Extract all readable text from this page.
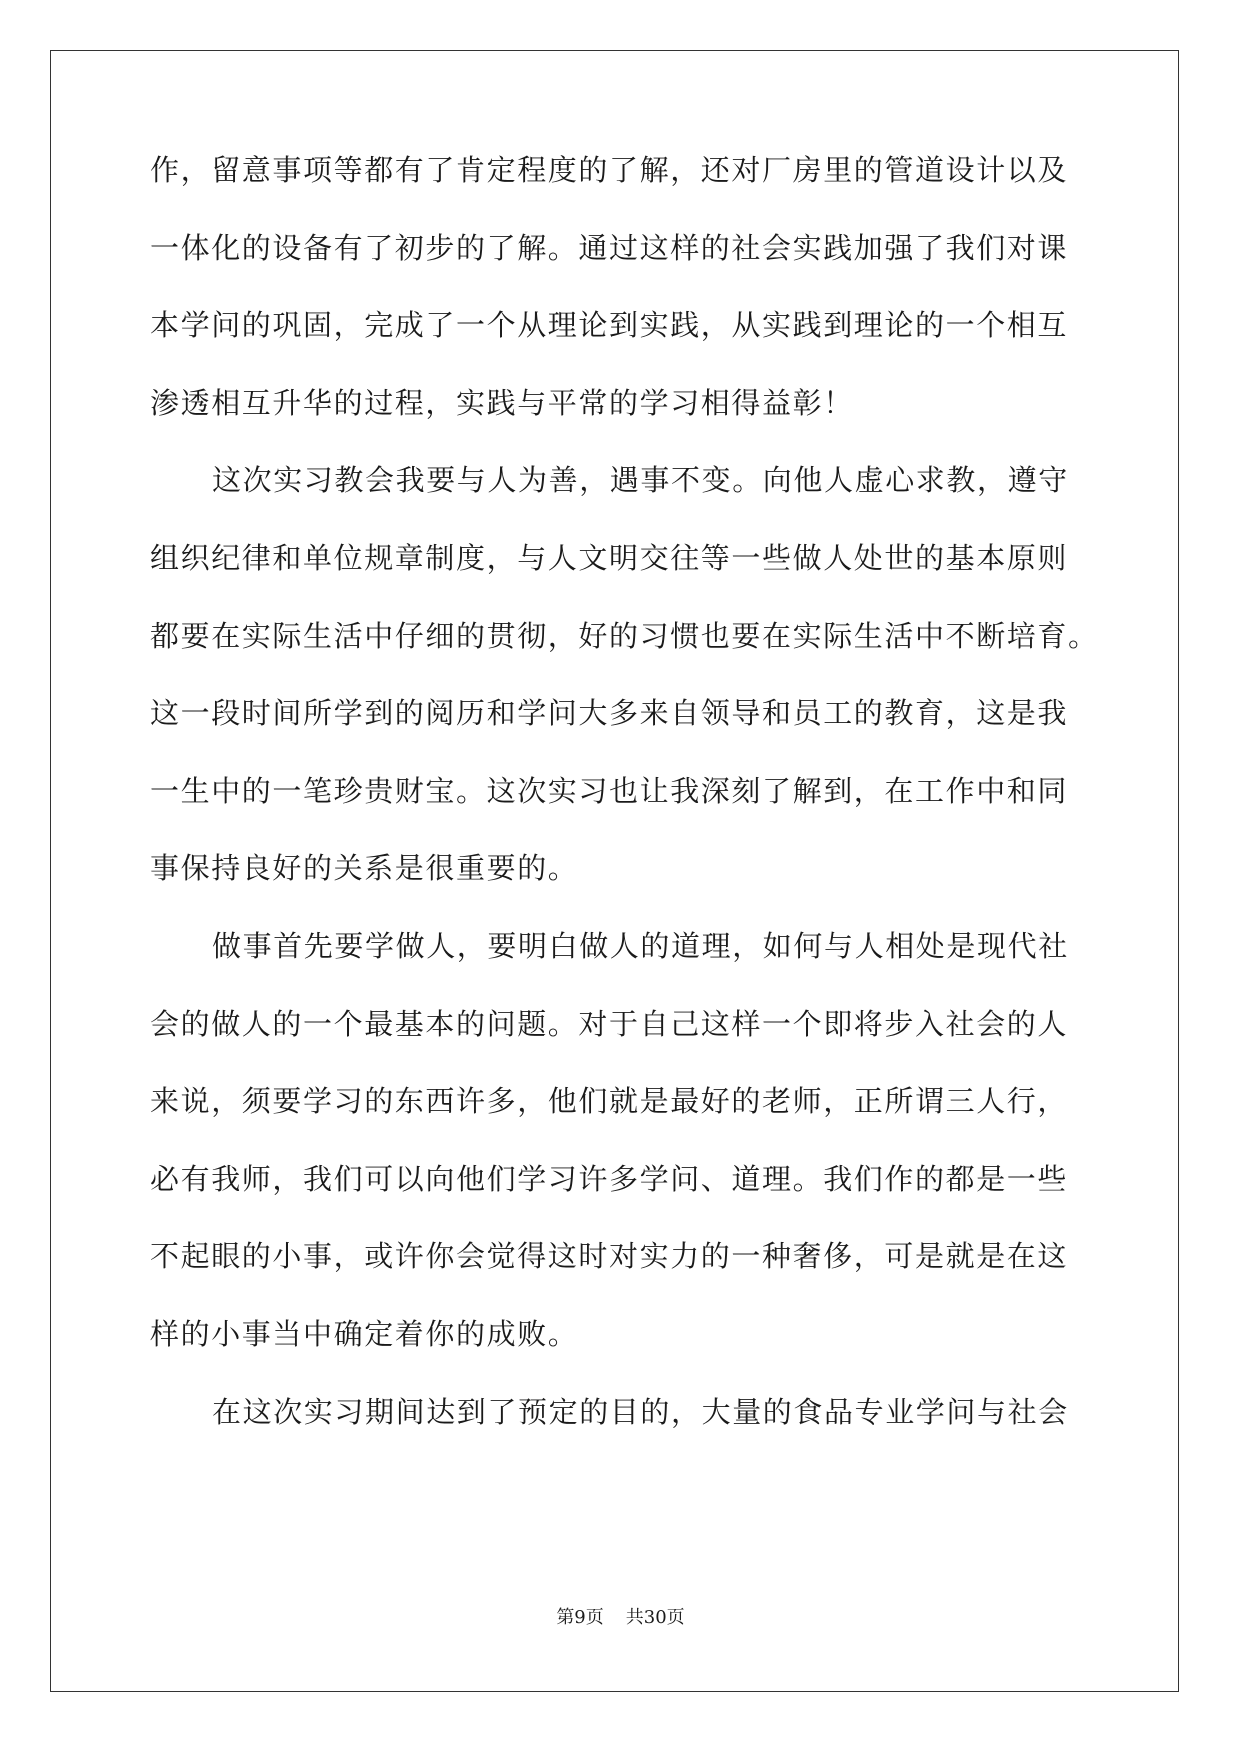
作，留意事项等都有了肯定程度的了解，还对厂房里的管道设计以及
一体化的设备有了初步的了解。通过这样的社会实践加强了我们对课
本学问的巩固，完成了一个从理论到实践，从实践到理论的一个相互
渗透相互升华的过程，实践与平常的学习相得益彰！
这次实习教会我要与人为善，遇事不变。向他人虚心求教，遵守
组织纪律和单位规章制度，与人文明交往等一些做人处世的基本原则
都要在实际生活中仔细的贯彻，好的习惯也要在实际生活中不断培育。
这一段时间所学到的阅历和学问大多来自领导和员工的教育，这是我
一生中的一笔珍贵财宝。这次实习也让我深刻了解到，在工作中和同
事保持良好的关系是很重要的。
做事首先要学做人，要明白做人的道理，如何与人相处是现代社
会的做人的一个最基本的问题。对于自己这样一个即将步入社会的人
来说，须要学习的东西许多，他们就是最好的老师，正所谓三人行，
必有我师，我们可以向他们学习许多学问、道理。我们作的都是一些
不起眼的小事，或许你会觉得这时对实力的一种奢侈，可是就是在这
样的小事当中确定着你的成败。
在这次实习期间达到了预定的目的，大量的食品专业学问与社会
第9页 共30页
